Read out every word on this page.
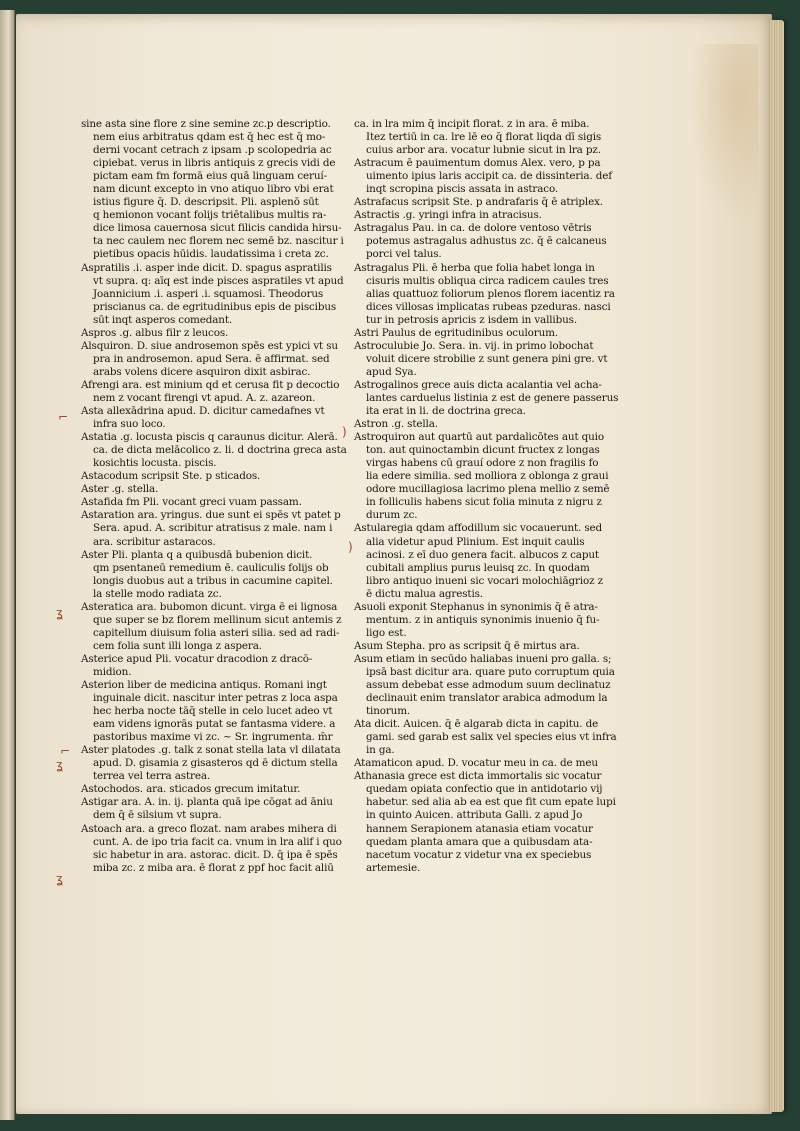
sine asta sine flore z sine semine zc.p descriptio.
nem eius arbitratus qdam est q̄ hec est q̄ mo-
derni vocant cetrach z ipsam .p scolopedria ac
cipiebat. verus in libris antiquis z grecis vidi de
pictam eam fm formā eius quā linguam ceruí-
nam dicunt excepto in vno atiquo libro vbi erat
istius figure q̄. D. descripsit. Pli. asplenō sūt
q hemionon vocant folijs triētalibus multis ra-
dice limosa cauernosa sicut filicis candida hirsu-
ta nec caulem nec florem nec semē bz. nascitur i
pietibus opacis hūidis. laudatissima i creta zc.
Aspratilis .i. asper inde dicit. D. spagus aspratilis
vt supra. q: aīq est inde pisces aspratiles vt apud
Joannicium .i. asperi .i. squamosi. Theodorus
priscianus ca. de egritudinibus epis de piscibus
sūt inqt asperos comedant.
Aspros .g. albus filr z leucos.
Alsquiron. D. siue androsemon spēs est ypici vt su
pra in androsemon. apud Sera. ē affirmat. sed
arabs volens dicere asquiron dixit asbirac.
Afrengi ara. est minium qd et cerusa fit p decoctio
nem z vocant firengi vt apud. A. z. azareon.
Asta allexādrina apud. D. dicitur camedafnes vt
infra suo loco.
Astatia .g. locusta piscis q caraunus dicitur. Alerā.
ca. de dicta melācolico z. li. d doctrina greca asta
kosichtis locusta. piscis.
Astacodum scripsit Ste. p sticados.
Aster .g. stella.
Astafida fm Pli. vocant greci vuam passam.
Astaration ara. yringus. due sunt ei spēs vt patet p
Sera. apud. A. scribitur atratisus z male. nam i
ara. scribitur astaracos.
Aster Pli. planta q a quibusdā bubenion dicit.
qm psentaneū remedium ē. cauliculis folijs ob
longis duobus aut a tribus in cacumine capitel.
la stelle modo radiata zc.
Asteratica ara. bubomon dicunt. virga ē ei lignosa
que super se bz florem mellinum sicut antemis z
capitellum diuisum folia asteri silia. sed ad radi-
cem folia sunt illi longa z aspera.
Asterice apud Pli. vocatur dracodion z dracō-
midion.
Asterion liber de medicina antiqus. Romani ingt
inguinale dicit. nascitur inter petras z loca aspa
hec herba nocte tāq̄ stelle in celo lucet adeo vt
eam videns ignorās putat se fantasma videre. a
pastoribus maxime vi zc. ~ Sr. ingrumenta. m̄r
Aster platodes .g. talk z sonat stella lata vl dilatata
apud. D. gisamia z gisasteros qd ē dictum stella
terrea vel terra astrea.
Astochodos. ara. sticados grecum imitatur.
Astigar ara. A. in. ij. planta quā ipe cōgat ad āniu
dem q̄ ē silsium vt supra.
Astoach ara. a greco flozat. nam arabes mihera di
cunt. A. de ipo tria facit ca. vnum in lra alif i quo
sic habetur in ara. astorac. dicit. D. q̄ ipa ē spēs
miba zc. z miba ara. ē florat z ppf hoc facit aliū
ca. in lra mim q̄ incipit florat. z in ara. ē miba.
Itez tertiū in ca. lre lē eo q̄ florat liqda dī sigis
cuius arbor ara. vocatur lubnie sicut in lra pz.
Astracum ē pauimentum domus Alex. vero, p pa
uimento ipius laris accipit ca. de dissinteria. def
inqt scropina piscis assata in astraco.
Astrafacus scripsit Ste. p andrafaris q̄ ē atriplex.
Astractis .g. yringi infra in atracisus.
Astragalus Pau. in ca. de dolore ventoso vētris
potemus astragalus adhustus zc. q̄ ē calcaneus
porci vel talus.
Astragalus Pli. ē herba que folia habet longa in
cisuris multis obliqua circa radicem caules tres
alias quattuoz foliorum plenos florem iacentiz ra
dices villosas implicatas rubeas pzeduras. nasci
tur in petrosis apricis z isdem in vallibus.
Astri Paulus de egritudinibus oculorum.
Astroculubie Jo. Sera. in. vij. in primo lobochat
voluit dicere strobilie z sunt genera pini gre. vt
apud Sya.
Astrogalinos grece auis dicta acalantia vel acha-
lantes carduelus listinia z est de genere passerus
ita erat in li. de doctrina greca.
Astron .g. stella.
Astroquiron aut quartū aut pardalicōtes aut quio
ton. aut quinoctambin dicunt fructex z longas
virgas habens cū grauí odore z non fragilis fo
lia edere similia. sed molliora z oblonga z graui
odore mucillagiosa lacrimo plena mellio z semē
in folliculis habens sicut folia minuta z nigru z
durum zc.
Astularegia qdam affodillum sic vocauerunt. sed
alia videtur apud Plinium. Est inquit caulis
acinosi. z eī duo genera facit. albucos z caput
cubitali amplius purus leuisq zc. In quodam
libro antiquo inueni sic vocari molochiāgrioz z
ē dictu malua agrestis.
Asuoli exponit Stephanus in synonimis q̄ ē atra-
mentum. z in antiquis synonimis inuenio q̄ fu-
ligo est.
Asum Stepha. pro as scripsit q̄ ē mirtus ara.
Asum etiam in secūdo haliabas inueni pro galla. s;
ipsā bast dicitur ara. quare puto corruptum quia
assum debebat esse admodum suum declinatuz
declinauit enim translator arabica admodum la
tinorum.
Ata dicit. Auicen. q̄ ē algarab dicta in capitu. de
gami. sed garab est salix vel species eius vt infra
in ga.
Atamaticon apud. D. vocatur meu in ca. de meu
Athanasia grece est dicta immortalis sic vocatur
quedam opiata confectio que in antidotario vij
habetur. sed alia ab ea est que fit cum epate lupi
in quinto Auicen. attributa Galli. z apud Jo
hannem Serapionem atanasia etiam vocatur
quedam planta amara que a quibusdam ata-
nacetum vocatur z videtur vna ex speciebus
artemesie.
⌐
ʓ
⌐
ʓ
)
ʓ
)
